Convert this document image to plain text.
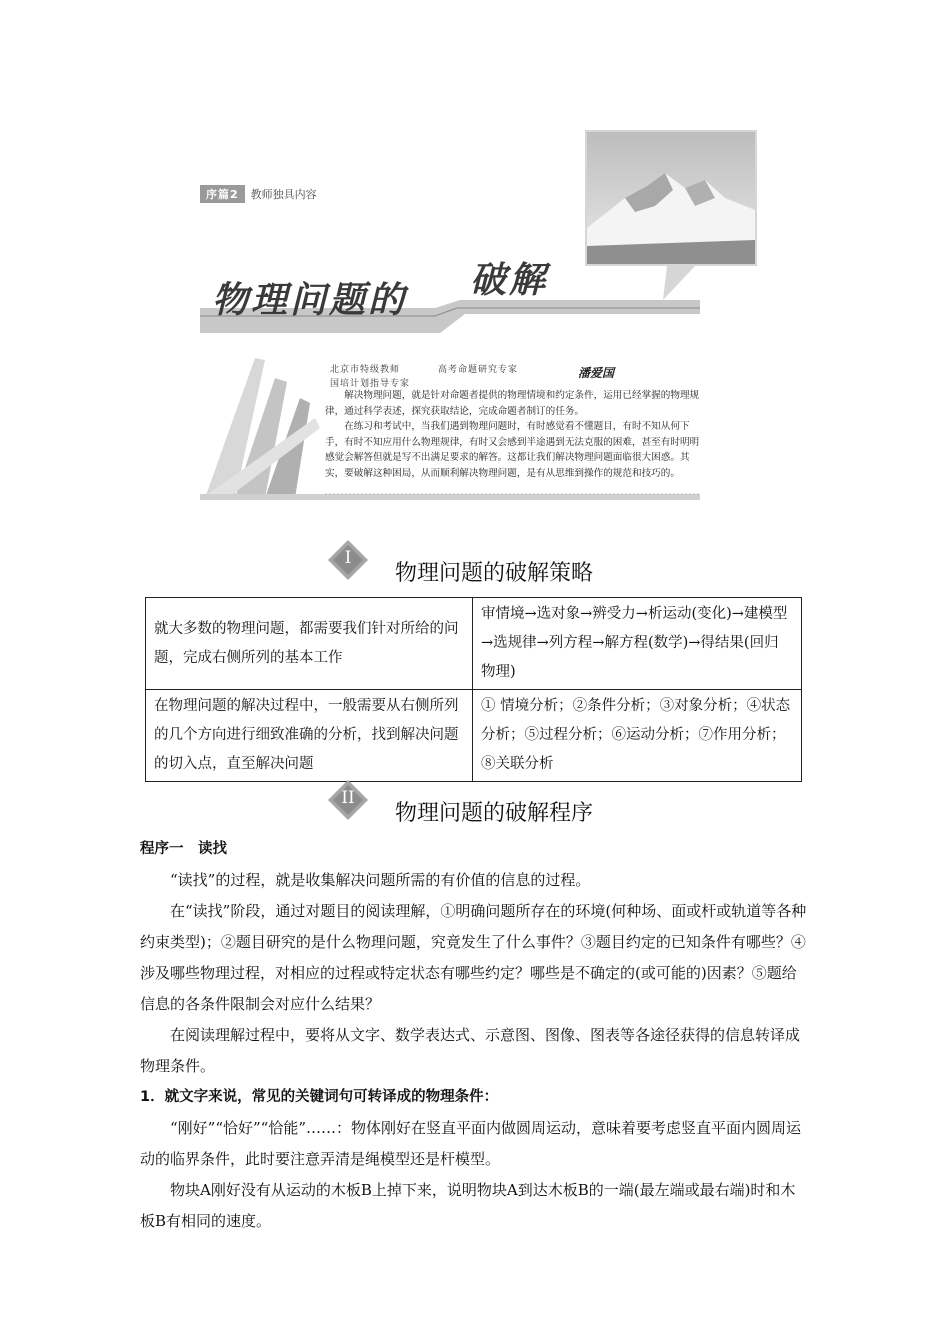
序篇2	教师独具内容
物理问题的 破解
北京市特级教师	高考命题研究专家
国培计划指导专家
潘爱国

解决物理问题，就是针对命题者提供的物理情境和约定条件，运用已经掌握的物理规律，通过科学表述，探究获取结论，完成命题者制订的任务。

在练习和考试中，当我们遇到物理问题时，有时感觉看不懂题目，有时不知从何下手，有时不知应用什么物理规律，有时又会感到半途遇到无法克服的困难，甚至有时明明感觉会解答但就是写不出满足要求的解答。这都让我们解决物理问题面临很大困惑。其实，要破解这种困局，从而顺利解决物理问题，是有从思维到操作的规范和技巧的。

I
物理问题的破解策略
就大多数的物理问题，都需要我们针对所给的问题，完成右侧所列的基本工作	审情境→选对象→辨受力→析运动(变化)→建模型→选规律→列方程→解方程(数学)→得结果(回归物理)
在物理问题的解决过程中，一般需要从右侧所列的几个方向进行细致准确的分析，找到解决问题的切入点，直至解决问题	① 情境分析；②条件分析；③对象分析；④状态分析；⑤过程分析；⑥运动分析；⑦作用分析；⑧关联分析
II
物理问题的破解程序

程序一　读找

“读找”的过程，就是收集解决问题所需的有价值的信息的过程。

在“读找”阶段，通过对题目的阅读理解，①明确问题所存在的环境(何种场、面或杆或轨道等各种约束类型)；②题目研究的是什么物理问题，究竟发生了什么事件？③题目约定的已知条件有哪些？④涉及哪些物理过程，对相应的过程或特定状态有哪些约定？哪些是不确定的(或可能的)因素？⑤题给信息的各条件限制会对应什么结果？

在阅读理解过程中，要将从文字、数学表达式、示意图、图像、图表等各途径获得的信息转译成物理条件。

1．就文字来说，常见的关键词句可转译成的物理条件：

“刚好”“恰好”“恰能”……：物体刚好在竖直平面内做圆周运动，意味着要考虑竖直平面内圆周运动的临界条件，此时要注意弄清是绳模型还是杆模型。

物块A刚好没有从运动的木板B上掉下来，说明物块A到达木板B的一端(最左端或最右端)时和木板B有相同的速度。
